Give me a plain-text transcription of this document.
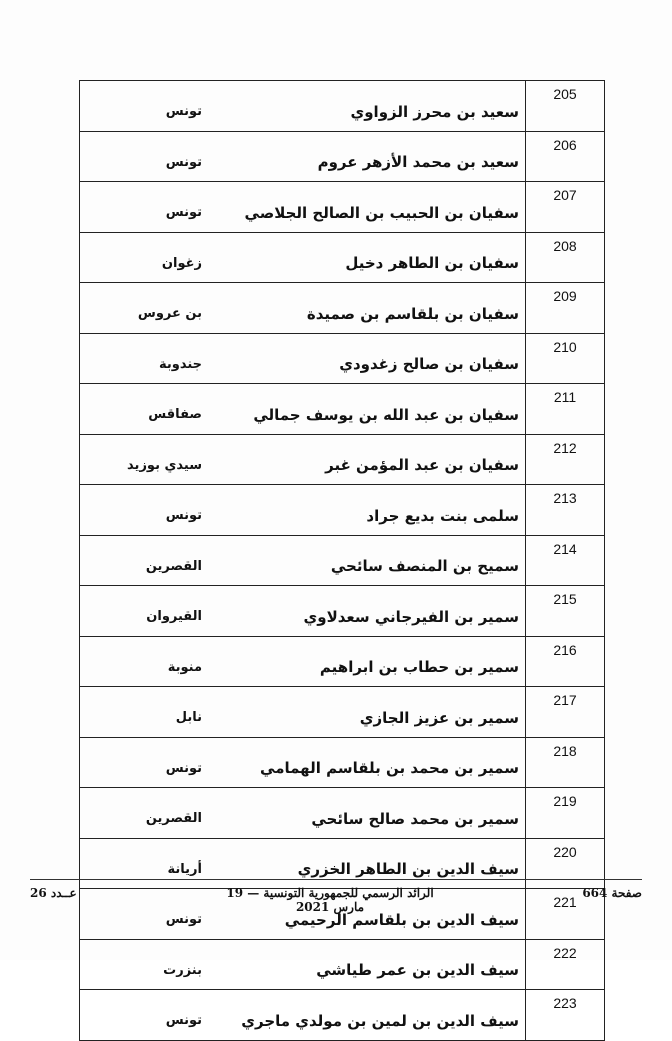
205	سعيد بن محرز الزواوي	تونس
206	سعيد بن محمد الأزهر عروم	تونس
207	سفيان بن الحبيب بن الصالح الجلاصي	تونس
208	سفيان بن الطاهر دخيل	زغوان
209	سفيان بن بلقاسم بن صميدة	بن عروس
210	سفيان بن صالح زغدودي	جندوبة
211	سفيان بن عبد الله بن يوسف جمالي	صفاقس
212	سفيان بن عبد المؤمن غبر	سيدي بوزيد
213	سلمى بنت بديع جراد	تونس
214	سميح بن المنصف سائحي	القصرين
215	سمير بن الفيرجاني سعدلاوي	القيروان
216	سمير بن حطاب بن ابراهيم	منوبة
217	سمير بن عزيز الجازي	نابل
218	سمير بن محمد بن بلقاسم الهمامي	تونس
219	سمير بن محمد صالح سائحي	القصرين
220	سيف الدين بن الطاهر الخزري	أريانة
221	سيف الدين بن بلقاسم الرحيمي	تونس
222	سيف الدين بن عمر طياشي	بنزرت
223	سيف الدين بن لمين بن مولدي ماجري	تونس
صفحة 664
الرائد الرسمي للجمهورية التونسية — 19 مارس 2021
عــدد 26
